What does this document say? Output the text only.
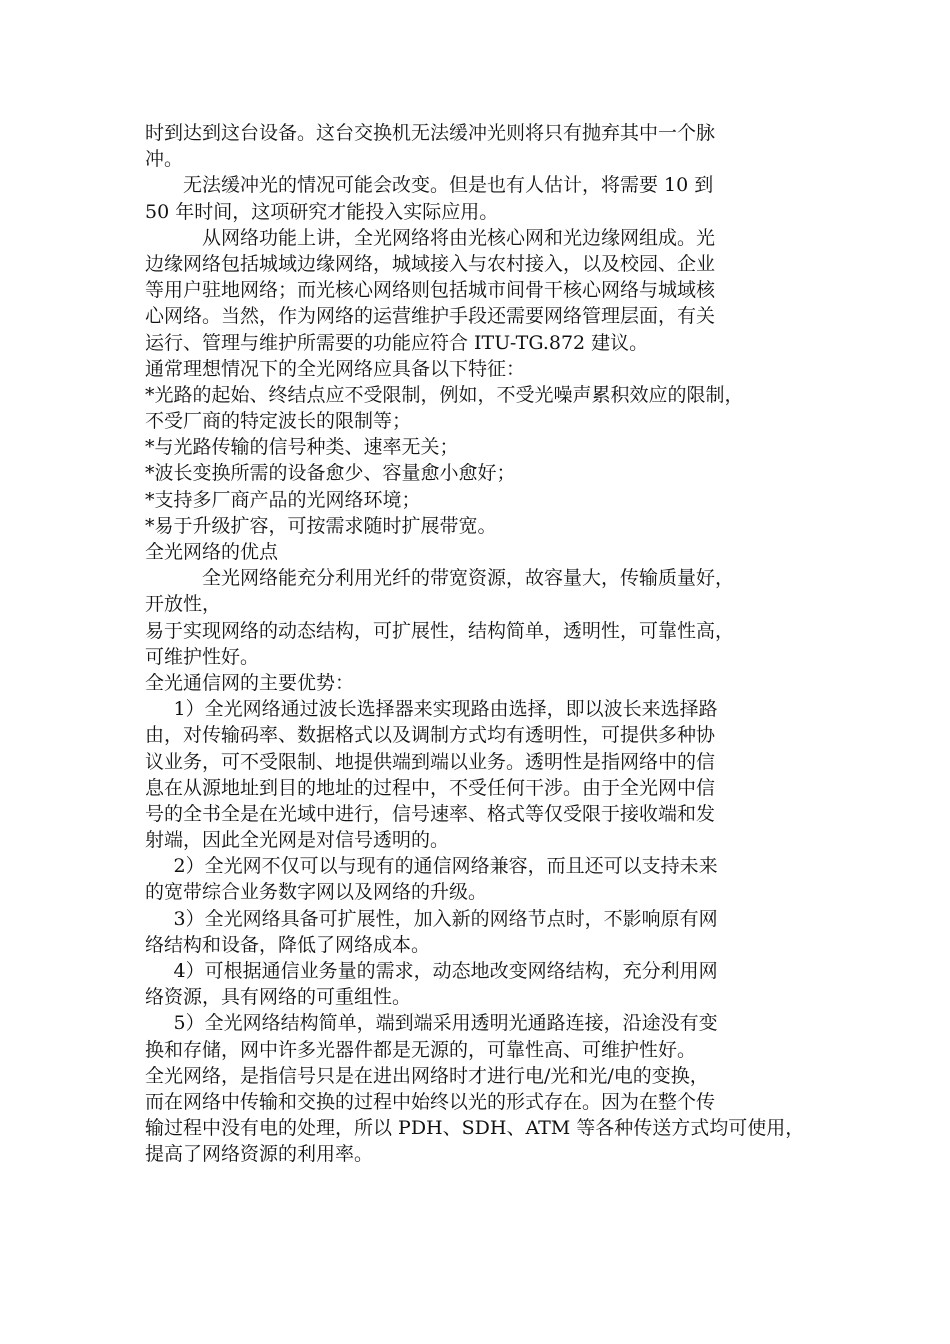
时到达到这台设备。这台交换机无法缓冲光则将只有抛弃其中一个脉
冲。
无法缓冲光的情况可能会改变。但是也有人估计，将需要 10 到
50 年时间，这项研究才能投入实际应用。
从网络功能上讲，全光网络将由光核心网和光边缘网组成。光
边缘网络包括城域边缘网络，城域接入与农村接入，以及校园、企业
等用户驻地网络；而光核心网络则包括城市间骨干核心网络与城域核
心网络。当然，作为网络的运营维护手段还需要网络管理层面，有关
运行、管理与维护所需要的功能应符合 ITU-TG.872 建议。
通常理想情况下的全光网络应具备以下特征：
*光路的起始、终结点应不受限制，例如，不受光噪声累积效应的限制，
不受厂商的特定波长的限制等；
*与光路传输的信号种类、速率无关；
*波长变换所需的设备愈少、容量愈小愈好；
*支持多厂商产品的光网络环境；
*易于升级扩容，可按需求随时扩展带宽。
全光网络的优点
全光网络能充分利用光纤的带宽资源，故容量大，传输质量好，
开放性，
易于实现网络的动态结构，可扩展性，结构简单，透明性，可靠性高，
可维护性好。
全光通信网的主要优势：
1）全光网络通过波长选择器来实现路由选择，即以波长来选择路
由，对传输码率、数据格式以及调制方式均有透明性，可提供多种协
议业务，可不受限制、地提供端到端以业务。透明性是指网络中的信
息在从源地址到目的地址的过程中，不受任何干涉。由于全光网中信
号的全书全是在光域中进行，信号速率、格式等仅受限于接收端和发
射端，因此全光网是对信号透明的。
2）全光网不仅可以与现有的通信网络兼容，而且还可以支持未来
的宽带综合业务数字网以及网络的升级。
3）全光网络具备可扩展性，加入新的网络节点时，不影响原有网
络结构和设备，降低了网络成本。
4）可根据通信业务量的需求，动态地改变网络结构，充分利用网
络资源，具有网络的可重组性。
5）全光网络结构简单，端到端采用透明光通路连接，沿途没有变
换和存储，网中许多光器件都是无源的，可靠性高、可维护性好。
全光网络，是指信号只是在进出网络时才进行电/光和光/电的变换，
而在网络中传输和交换的过程中始终以光的形式存在。因为在整个传
输过程中没有电的处理，所以 PDH、SDH、ATM 等各种传送方式均可使用，
提高了网络资源的利用率。
